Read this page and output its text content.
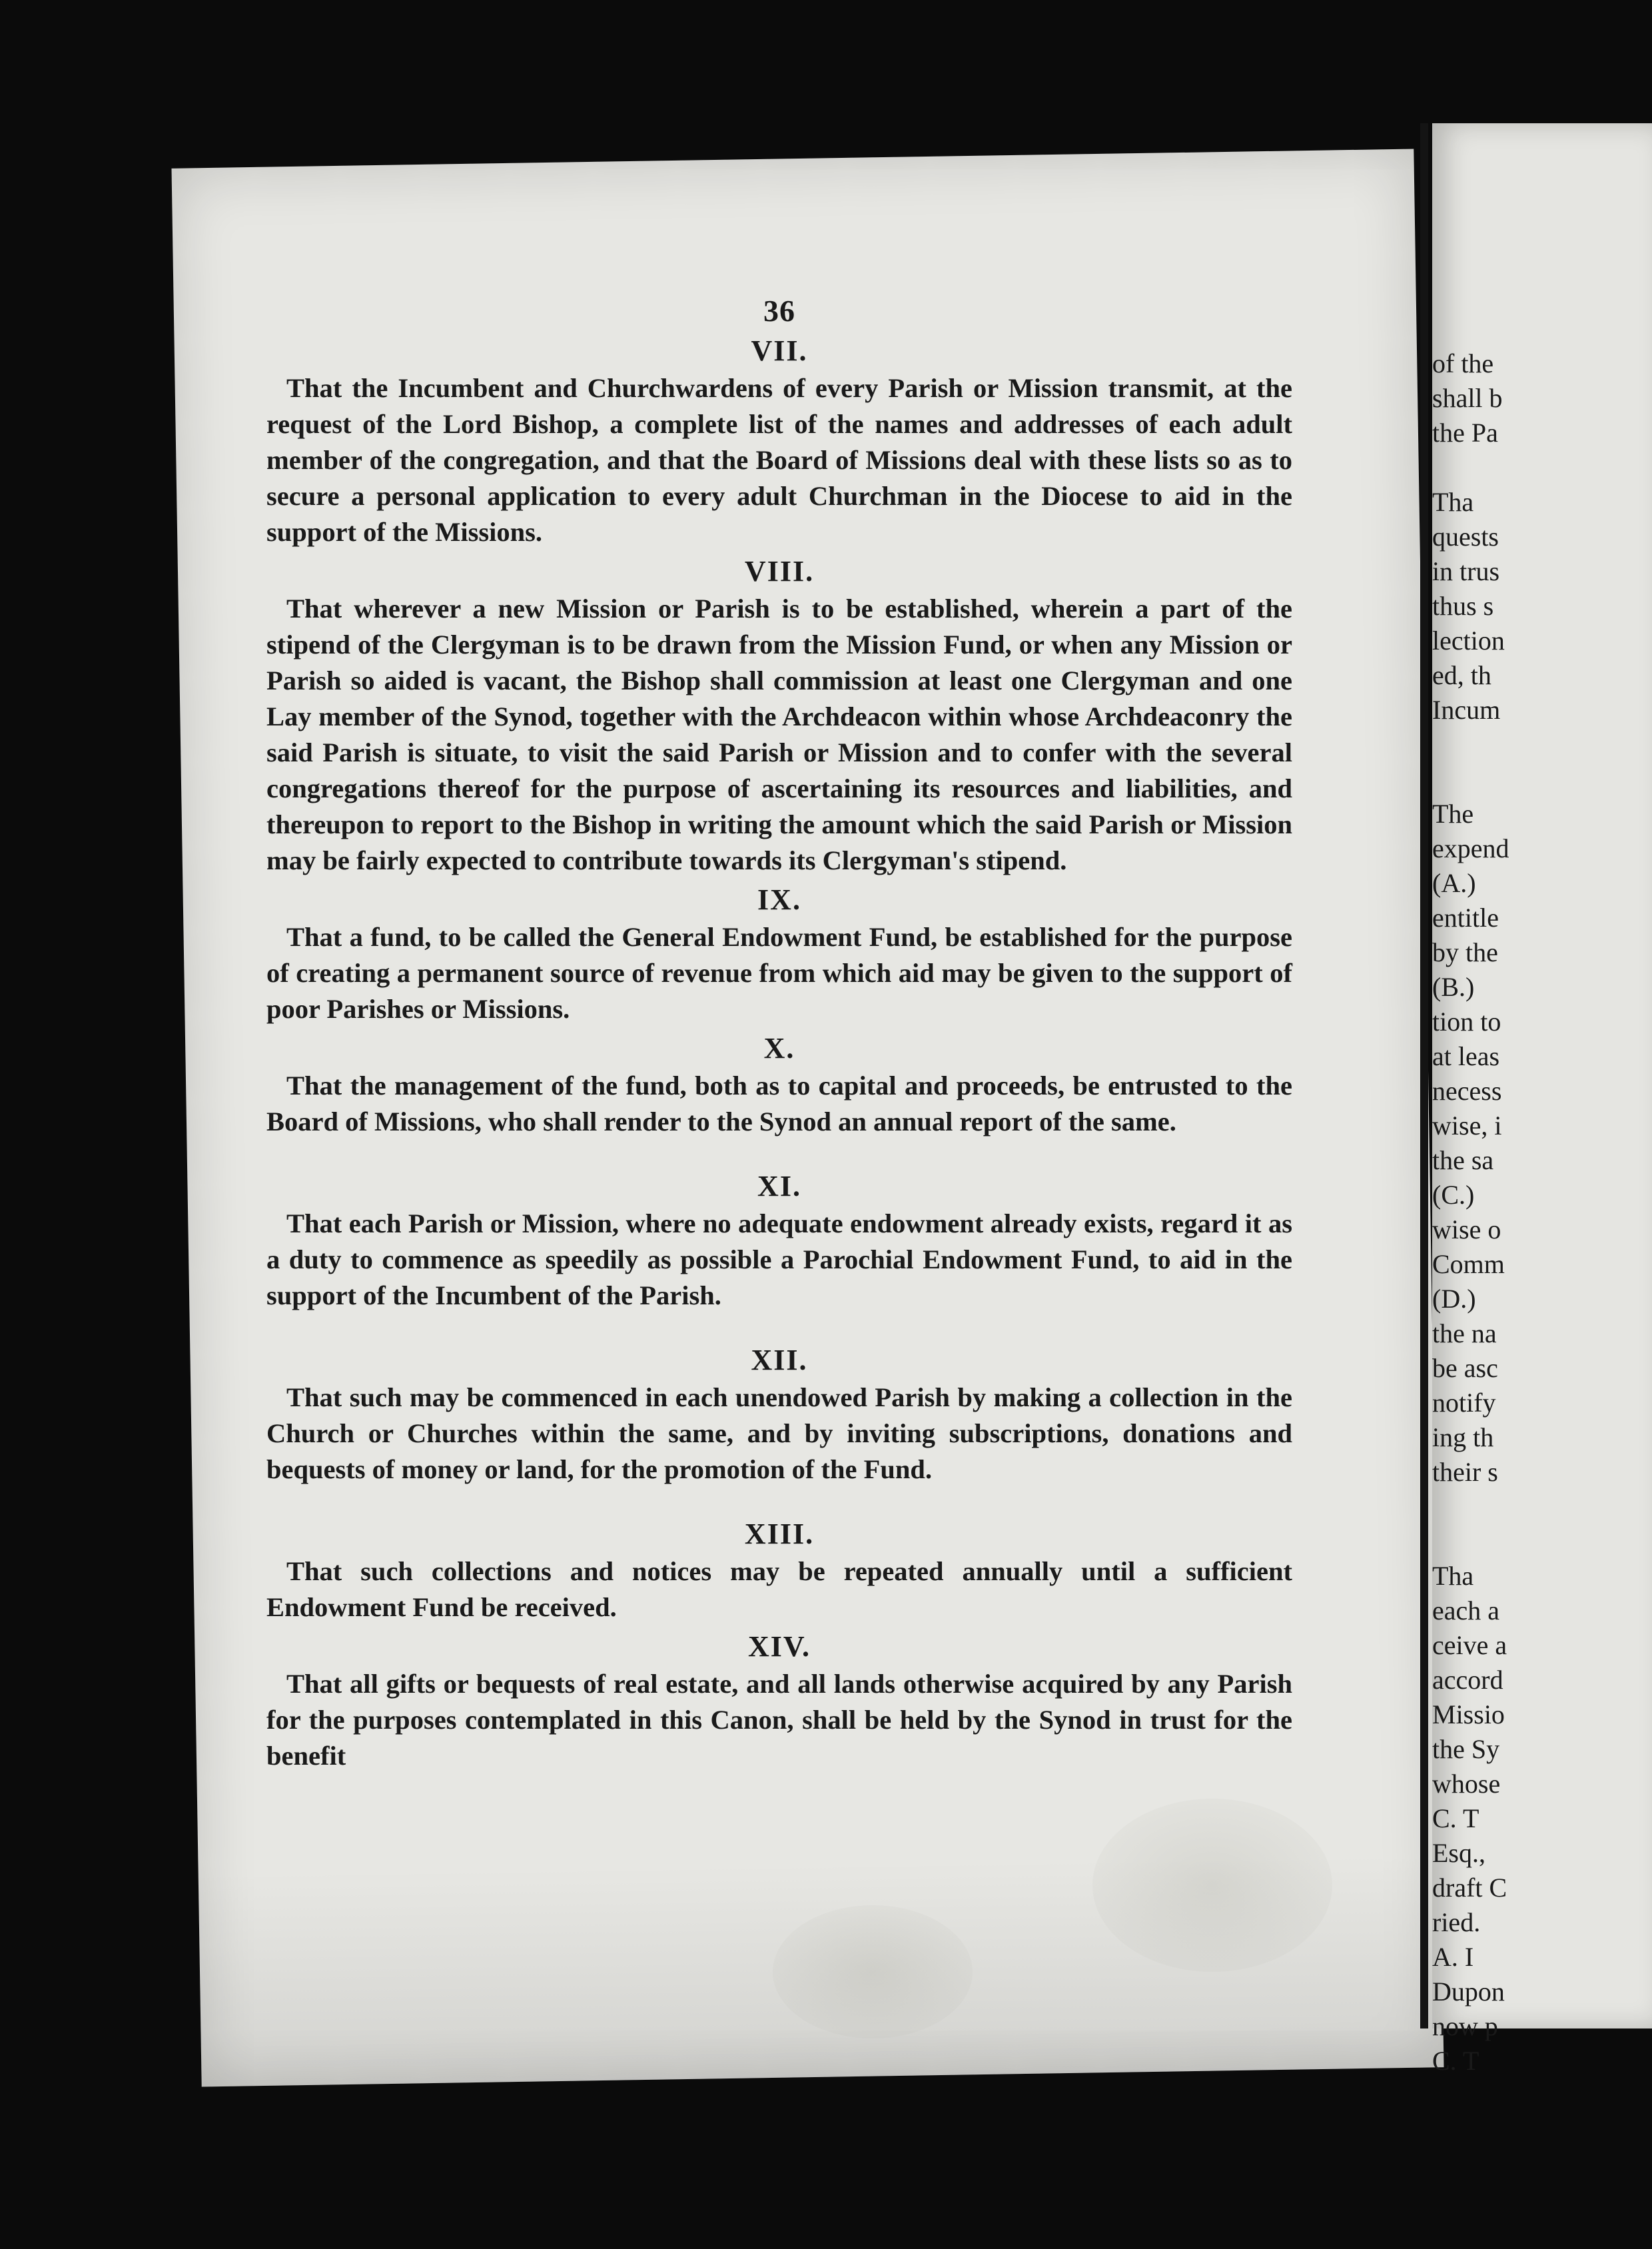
of the
shall b
the Pa
Tha
quests
in trus
thus s
lection
ed, th
Incum
The
expend
(A.)
entitle
by the
(B.)
tion to
at leas
necess
wise, i
the sa
(C.)
wise o
Comm
(D.)
the na
be asc
notify
ing th
their s
Tha
each a
ceive a
accord
Missio
the Sy
whose
C. T
Esq.,
draft C
ried.
A. I
Dupon
now p
C. T
36
VII.

That the Incumbent and Churchwardens of every Parish or Mission transmit, at the request of the Lord Bishop, a complete list of the names and addresses of each adult member of the congregation, and that the Board of Missions deal with these lists so as to secure a personal application to every adult Churchman in the Diocese to aid in the support of the Missions.

VIII.

That wherever a new Mission or Parish is to be established, wherein a part of the stipend of the Clergyman is to be drawn from the Mission Fund, or when any Mission or Parish so aided is vacant, the Bishop shall commission at least one Clergyman and one Lay member of the Synod, together with the Archdeacon within whose Archdeaconry the said Parish is situate, to visit the said Parish or Mission and to confer with the several congregations thereof for the purpose of ascertaining its resources and liabilities, and thereupon to report to the Bishop in writing the amount which the said Parish or Mission may be fairly expected to contribute towards its Clergyman's stipend.

IX.

That a fund, to be called the General Endowment Fund, be established for the purpose of creating a permanent source of revenue from which aid may be given to the support of poor Parishes or Missions.

X.

That the management of the fund, both as to capital and proceeds, be entrusted to the Board of Missions, who shall render to the Synod an annual report of the same.

XI.

That each Parish or Mission, where no adequate endowment already exists, regard it as a duty to commence as speedily as possible a Parochial Endowment Fund, to aid in the support of the Incumbent of the Parish.

XII.

That such may be commenced in each unendowed Parish by making a collection in the Church or Churches within the same, and by inviting subscriptions, donations and bequests of money or land, for the promotion of the Fund.

XIII.

That such collections and notices may be repeated annually until a sufficient Endowment Fund be received.

XIV.

That all gifts or bequests of real estate, and all lands otherwise acquired by any Parish for the purposes contemplated in this Canon, shall be held by the Synod in trust for the benefit
